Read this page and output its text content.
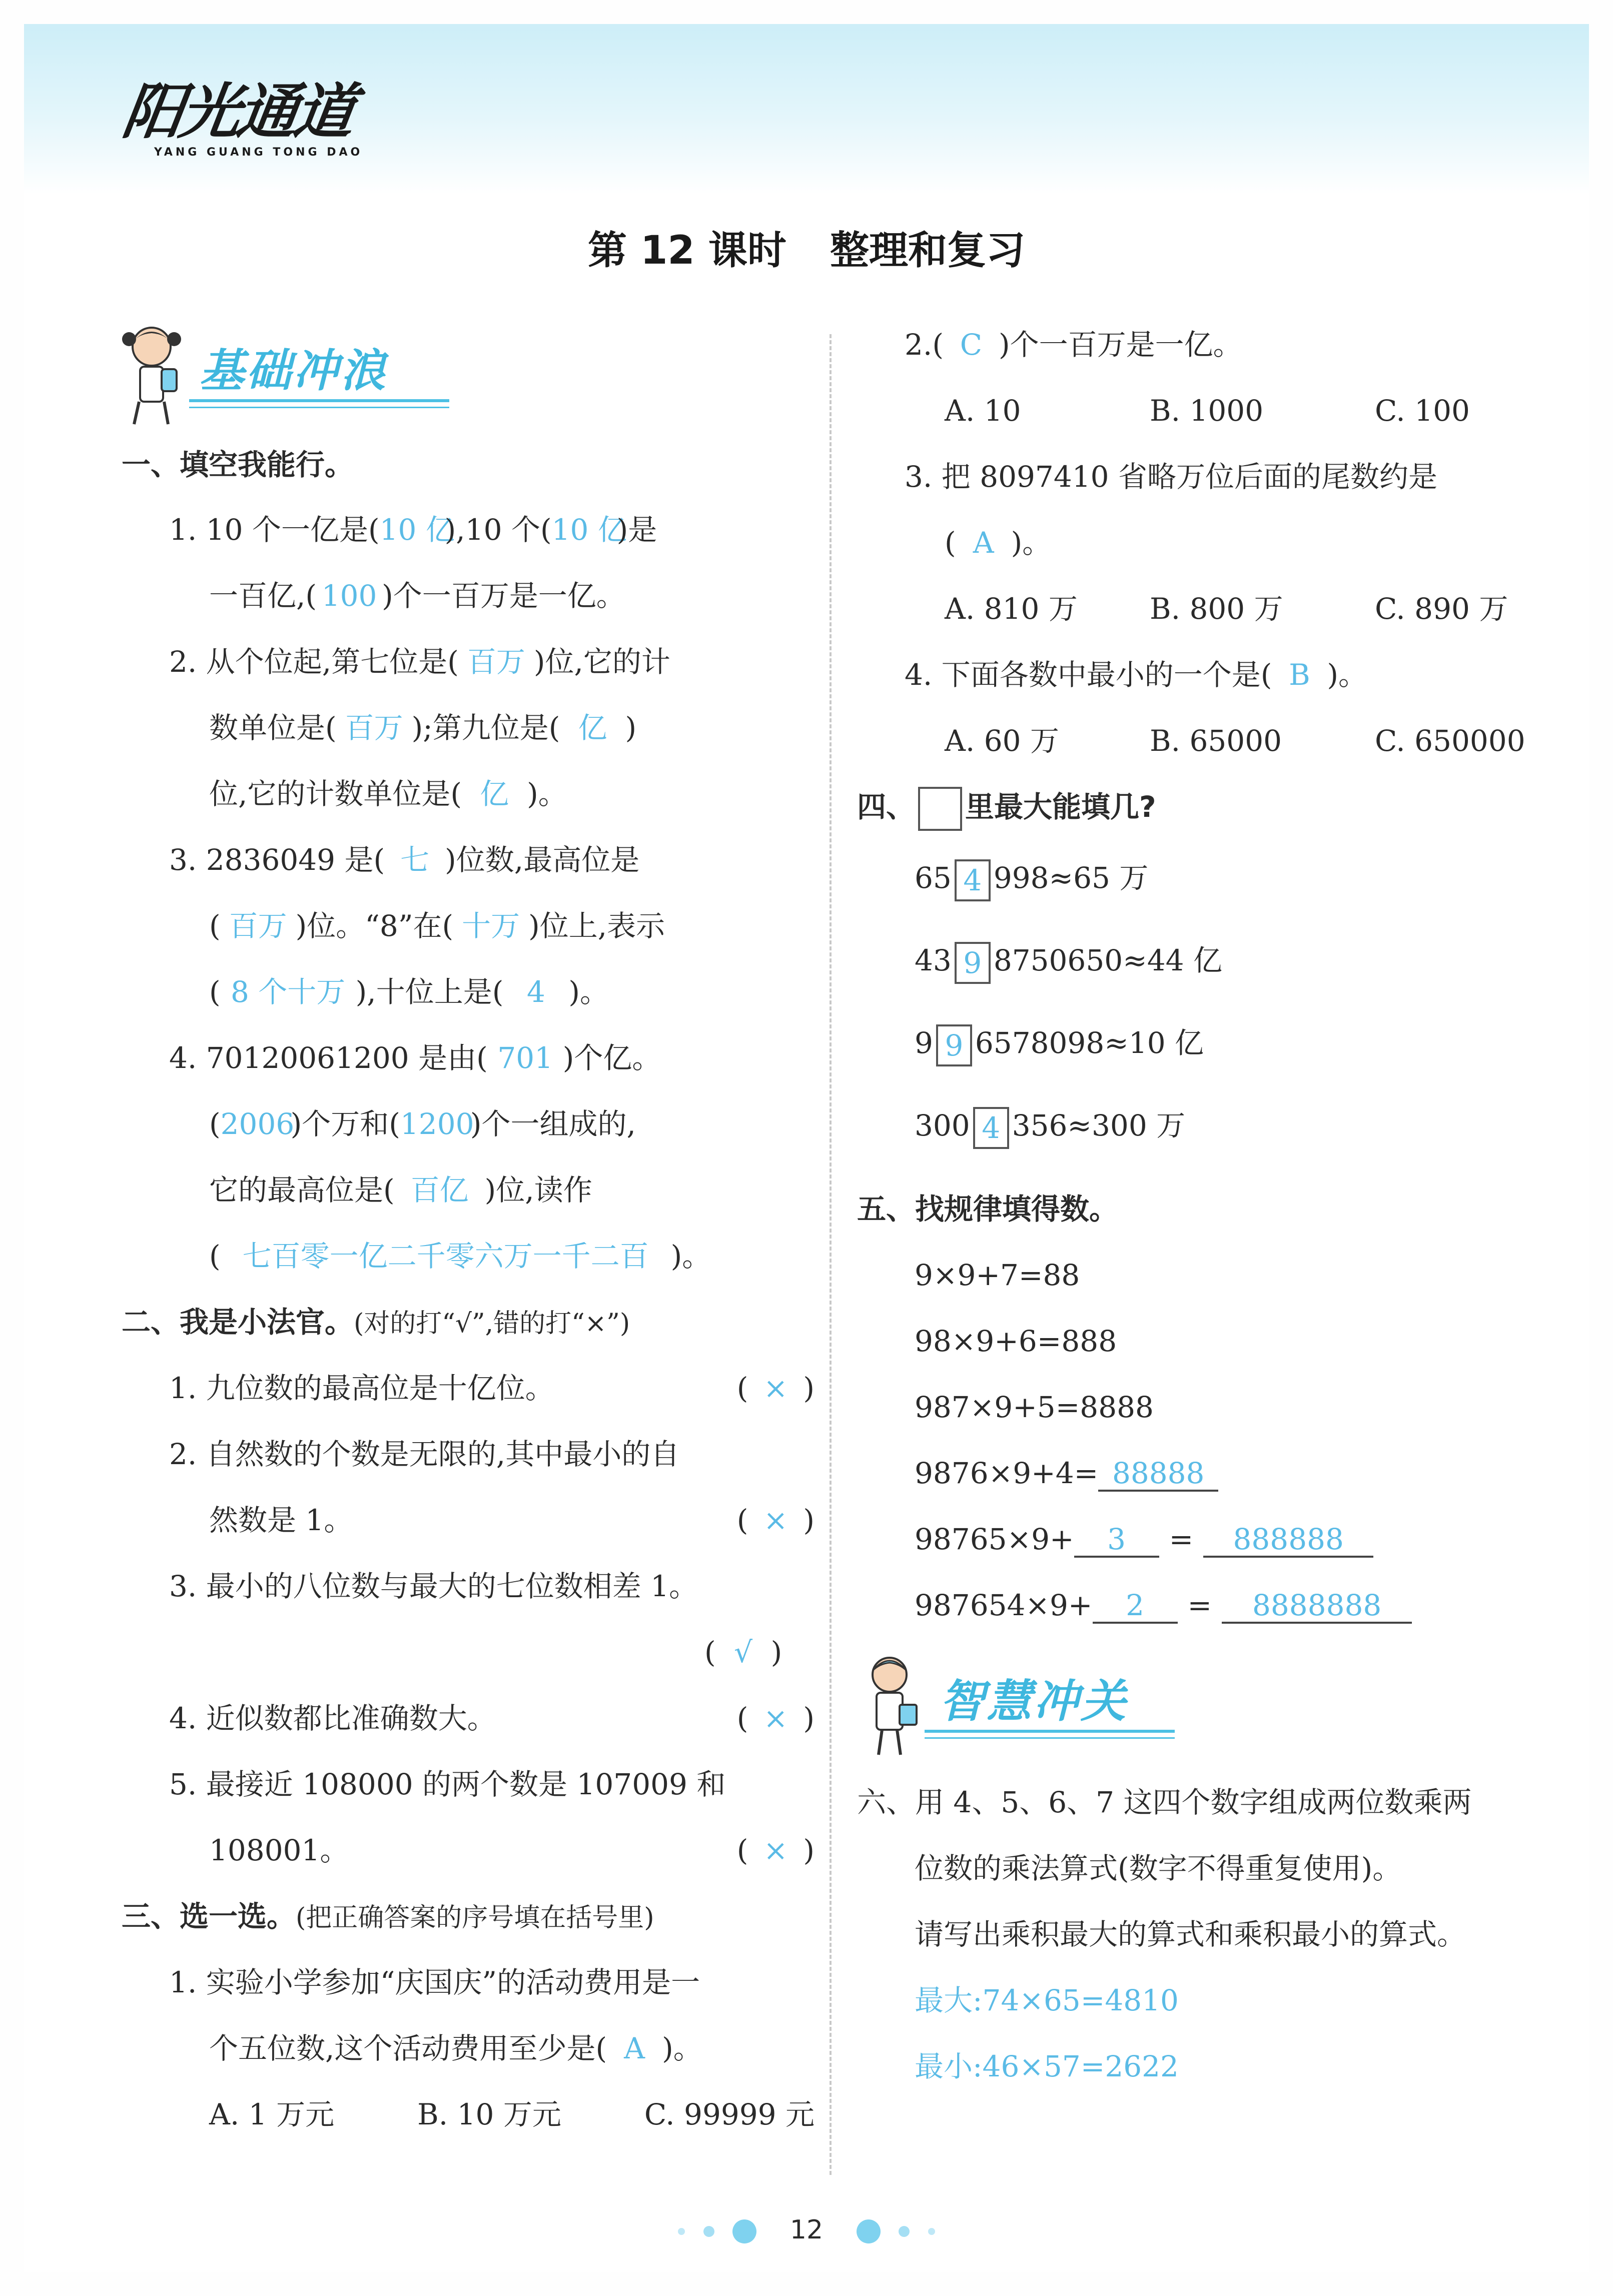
阳光通道
YANG GUANG TONG DAO
第 12 课时 整理和复习
基础冲浪
一、填空我能行。
1. 10 个一亿是(10 亿),10 个(10 亿)是
一百亿,( 100 )个一百万是一亿。
2. 从个位起,第七位是( 百万 )位,它的计
数单位是( 百万 );第九位是( 亿 )
位,它的计数单位是( 亿 )。
3. 2836049 是( 七 )位数,最高位是
( 百万 )位。“8”在( 十万 )位上,表示
( 8 个十万 ),十位上是( 4 )。
4. 70120061200 是由( 701 )个亿。
(2006)个万和(1200)个一组成的,
它的最高位是( 百亿 )位,读作
( 七百零一亿二千零六万一千二百 )。
二、我是小法官。(对的打“√”,错的打“×”)
1. 九位数的最高位是十亿位。	( × )
2. 自然数的个数是无限的,其中最小的自
然数是 1。	( × )
3. 最小的八位数与最大的七位数相差 1。
( √ )
4. 近似数都比准确数大。	( × )
5. 最接近 108000 的两个数是 107009 和
108001。	( × )
三、选一选。(把正确答案的序号填在括号里)
1. 实验小学参加“庆国庆”的活动费用是一
个五位数,这个活动费用至少是( A )。
A. 1 万元	B. 10 万元	C. 99999 元
2.( C )个一百万是一亿。
A. 10	B. 1000	C. 100
3. 把 8097410 省略万位后面的尾数约是
( A )。
A. 810 万 B. 800 万	C. 890 万
4. 下面各数中最小的一个是( B )。
A. 60 万	B. 65000	C. 650000
四、 里最大能填几?
65 4 998≈65 万
43 9 8750650≈44 亿
9 9 6578098≈10 亿
300 4 356≈300 万
五、找规律填得数。
9×9+7=88
98×9+6=888
987×9+5=8888
9876×9+4= 88888
98765×9+ 3 = 888888
987654×9+ 2 = 8888888
智慧冲关
六、用 4、5、6、7 这四个数字组成两位数乘两
位数的乘法算式(数字不得重复使用)。
请写出乘积最大的算式和乘积最小的算式。
最大:74×65=4810
最小:46×57=2622
12
